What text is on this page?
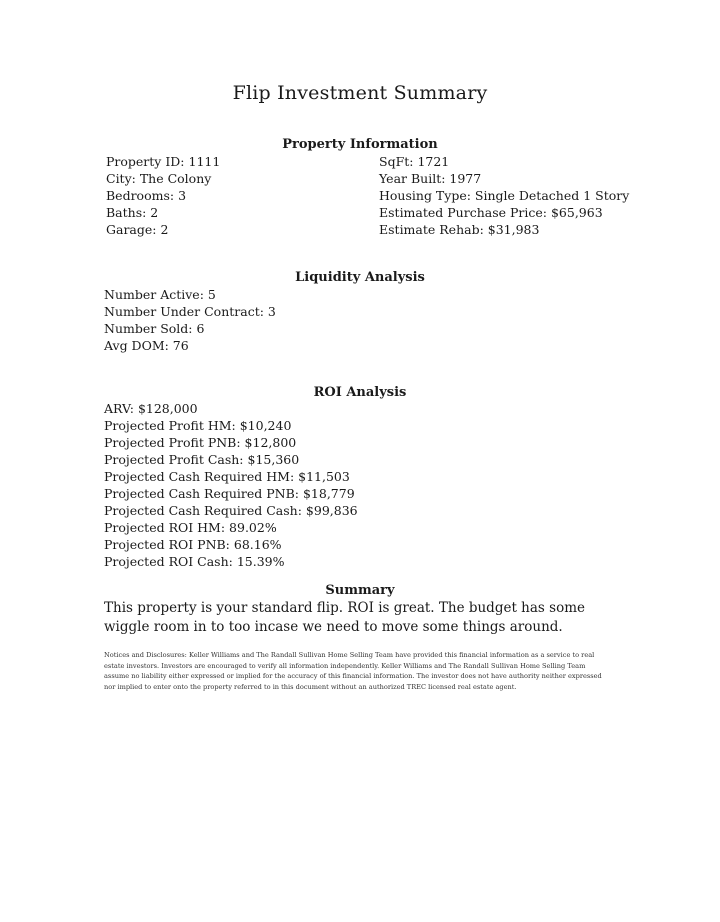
Flip Investment Summary
Property Information
Property ID: 1111
City: The Colony
Bedrooms: 3
Baths: 2
Garage: 2
SqFt: 1721
Year Built: 1977
Housing Type: Single Detached 1 Story
Estimated Purchase Price: $65,963
Estimate Rehab: $31,983
Liquidity Analysis
Number Active: 5
Number Under Contract: 3
Number Sold: 6
Avg DOM: 76
ROI Analysis
ARV: $128,000
Projected Profit HM: $10,240
Projected Profit PNB: $12,800
Projected Profit Cash: $15,360
Projected Cash Required HM: $11,503
Projected Cash Required PNB: $18,779
Projected Cash Required Cash: $99,836
Projected ROI HM: 89.02%
Projected ROI PNB: 68.16%
Projected ROI Cash: 15.39%
Summary
This property is your standard flip. ROI is great. The budget has some wiggle room in to too incase we need to move some things around.
Notices and Disclosures: Keller Williams and The Randall Sullivan Home Selling Team have provided this financial information as a service to real estate investors. Investors are encouraged to verify all information independently. Keller Williams and The Randall Sullivan Home Selling Team assume no liability either expressed or implied for the accuracy of this financial information. The investor does not have authority neither expressed nor implied to enter onto the property referred to in this document without an authorized TREC licensed real estate agent.
